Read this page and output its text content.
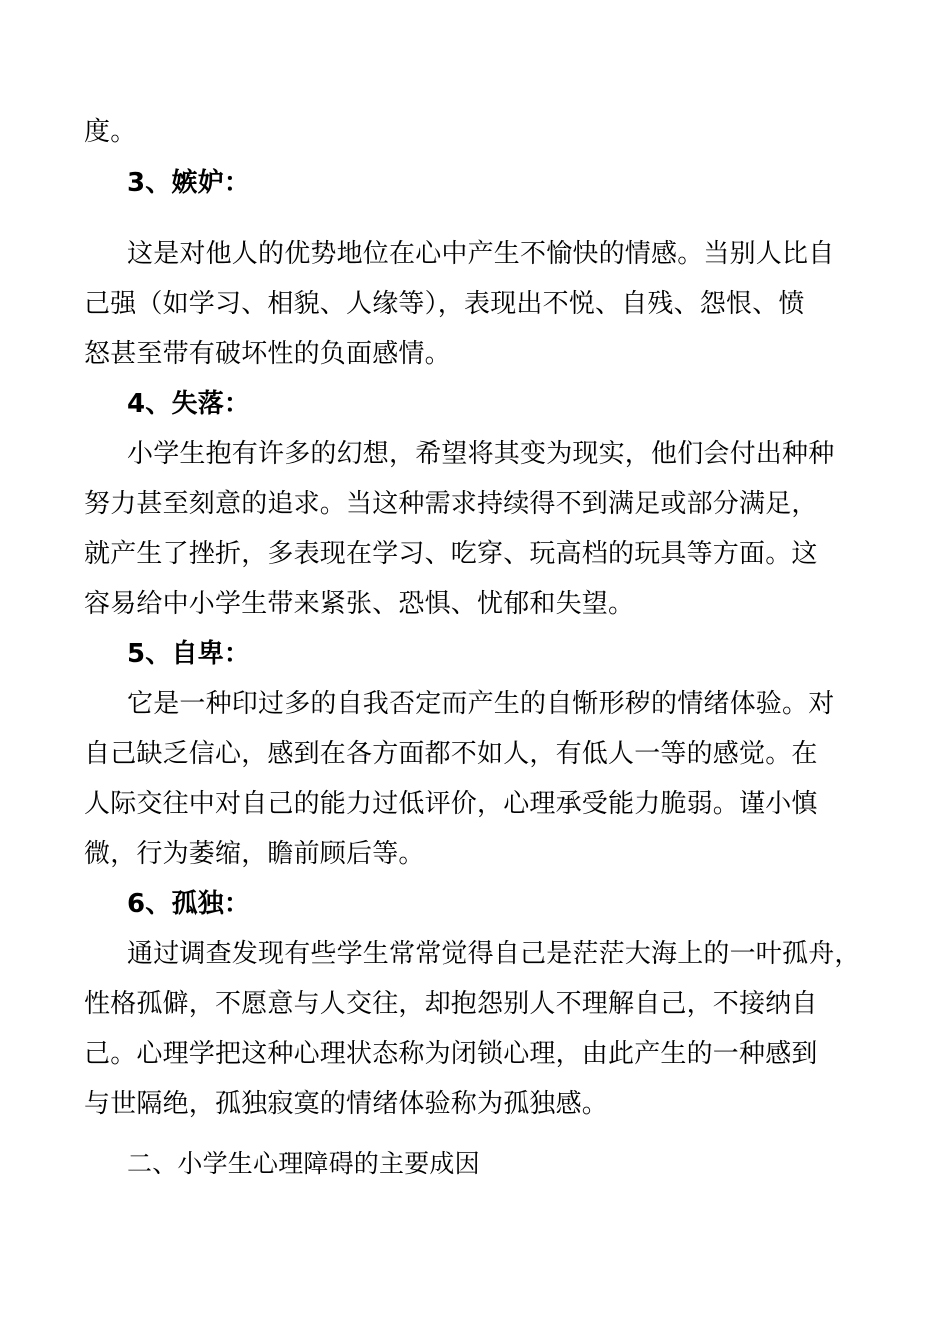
度。
3、嫉妒：
这是对他人的优势地位在心中产生不愉快的情感。当别人比自
己强（如学习、相貌、人缘等），表现出不悦、自残、怨恨、愤
怒甚至带有破坏性的负面感情。
4、失落：
小学生抱有许多的幻想，希望将其变为现实，他们会付出种种
努力甚至刻意的追求。当这种需求持续得不到满足或部分满足，
就产生了挫折，多表现在学习、吃穿、玩高档的玩具等方面。这
容易给中小学生带来紧张、恐惧、忧郁和失望。
5、自卑：
它是一种印过多的自我否定而产生的自惭形秽的情绪体验。对
自己缺乏信心，感到在各方面都不如人，有低人一等的感觉。在
人际交往中对自己的能力过低评价，心理承受能力脆弱。谨小慎
微，行为萎缩，瞻前顾后等。
6、孤独：
通过调查发现有些学生常常觉得自己是茫茫大海上的一叶孤舟，
性格孤僻，不愿意与人交往，却抱怨别人不理解自己，不接纳自
己。心理学把这种心理状态称为闭锁心理，由此产生的一种感到
与世隔绝，孤独寂寞的情绪体验称为孤独感。
二、小学生心理障碍的主要成因
